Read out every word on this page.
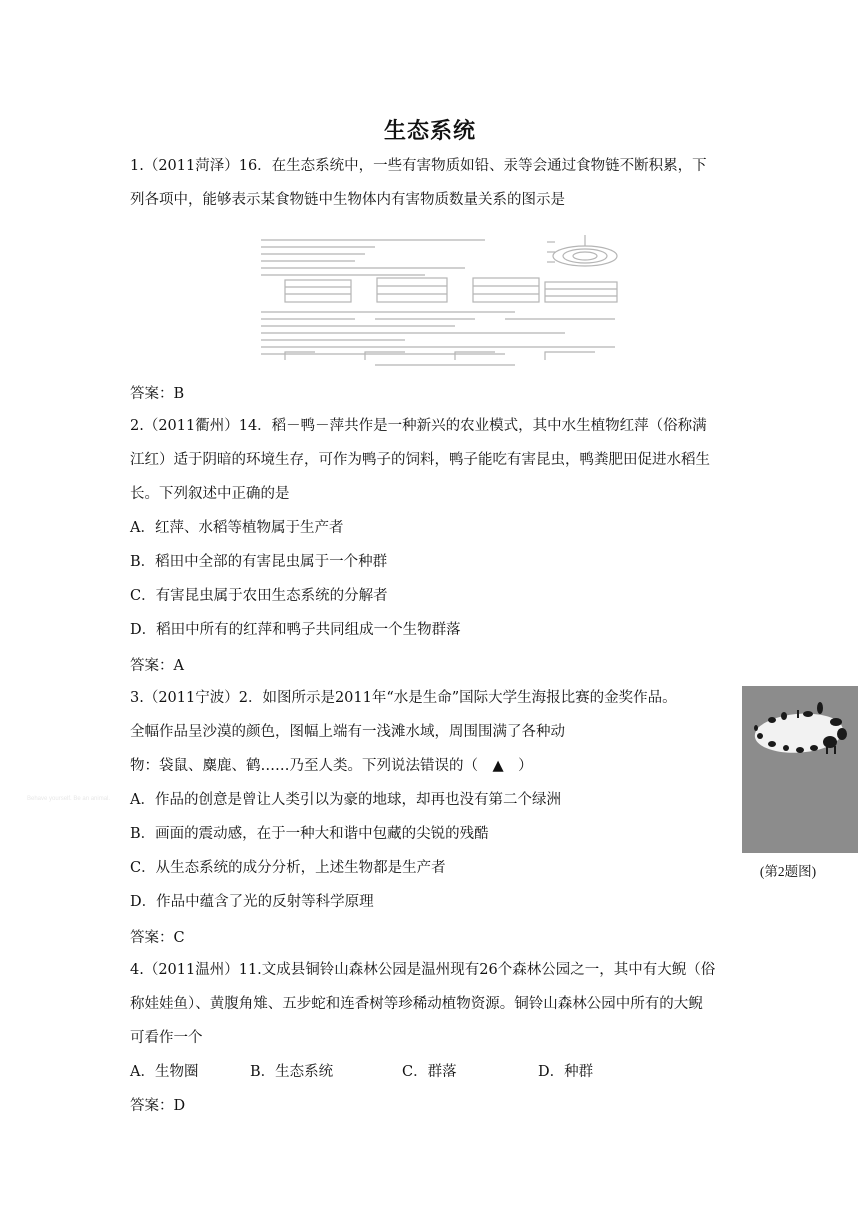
生态系统
1.（2011菏泽）16．在生态系统中，一些有害物质如铅、汞等会通过食物链不断积累，下
列各项中，能够表示某食物链中生物体内有害物质数量关系的图示是
答案：B
2.（2011衢州）14．稻－鸭－萍共作是一种新兴的农业模式，其中水生植物红萍（俗称满
江红）适于阴暗的环境生存，可作为鸭子的饲料，鸭子能吃有害昆虫，鸭粪肥田促进水稻生
长。下列叙述中正确的是
A．红萍、水稻等植物属于生产者
B．稻田中全部的有害昆虫属于一个种群
C．有害昆虫属于农田生态系统的分解者
D．稻田中所有的红萍和鸭子共同组成一个生物群落
答案：A
3.（2011宁波）2．如图所示是2011年“水是生命”国际大学生海报比赛的金奖作品。
全幅作品呈沙漠的颜色，图幅上端有一浅滩水域，周围围满了各种动
物：袋鼠、麋鹿、鹤……乃至人类。下列说法错误的（　▲　）
A．作品的创意是曾让人类引以为豪的地球，却再也没有第二个绿洲
B．画面的震动感，在于一种大和谐中包藏的尖锐的残酷
C．从生态系统的成分分析，上述生物都是生产者
D．作品中蕴含了光的反射等科学原理
答案：C
Behave yourself. Be an animal.
Water is life.
(第2题图)
4.（2011温州）11.文成县铜铃山森林公园是温州现有26个森林公园之一，其中有大鲵（俗
称娃娃鱼）、黄腹角雉、五步蛇和连香树等珍稀动植物资源。铜铃山森林公园中所有的大鲵
可看作一个
A．生物圈	B．生态系统	C．群落	D．种群
答案：D
